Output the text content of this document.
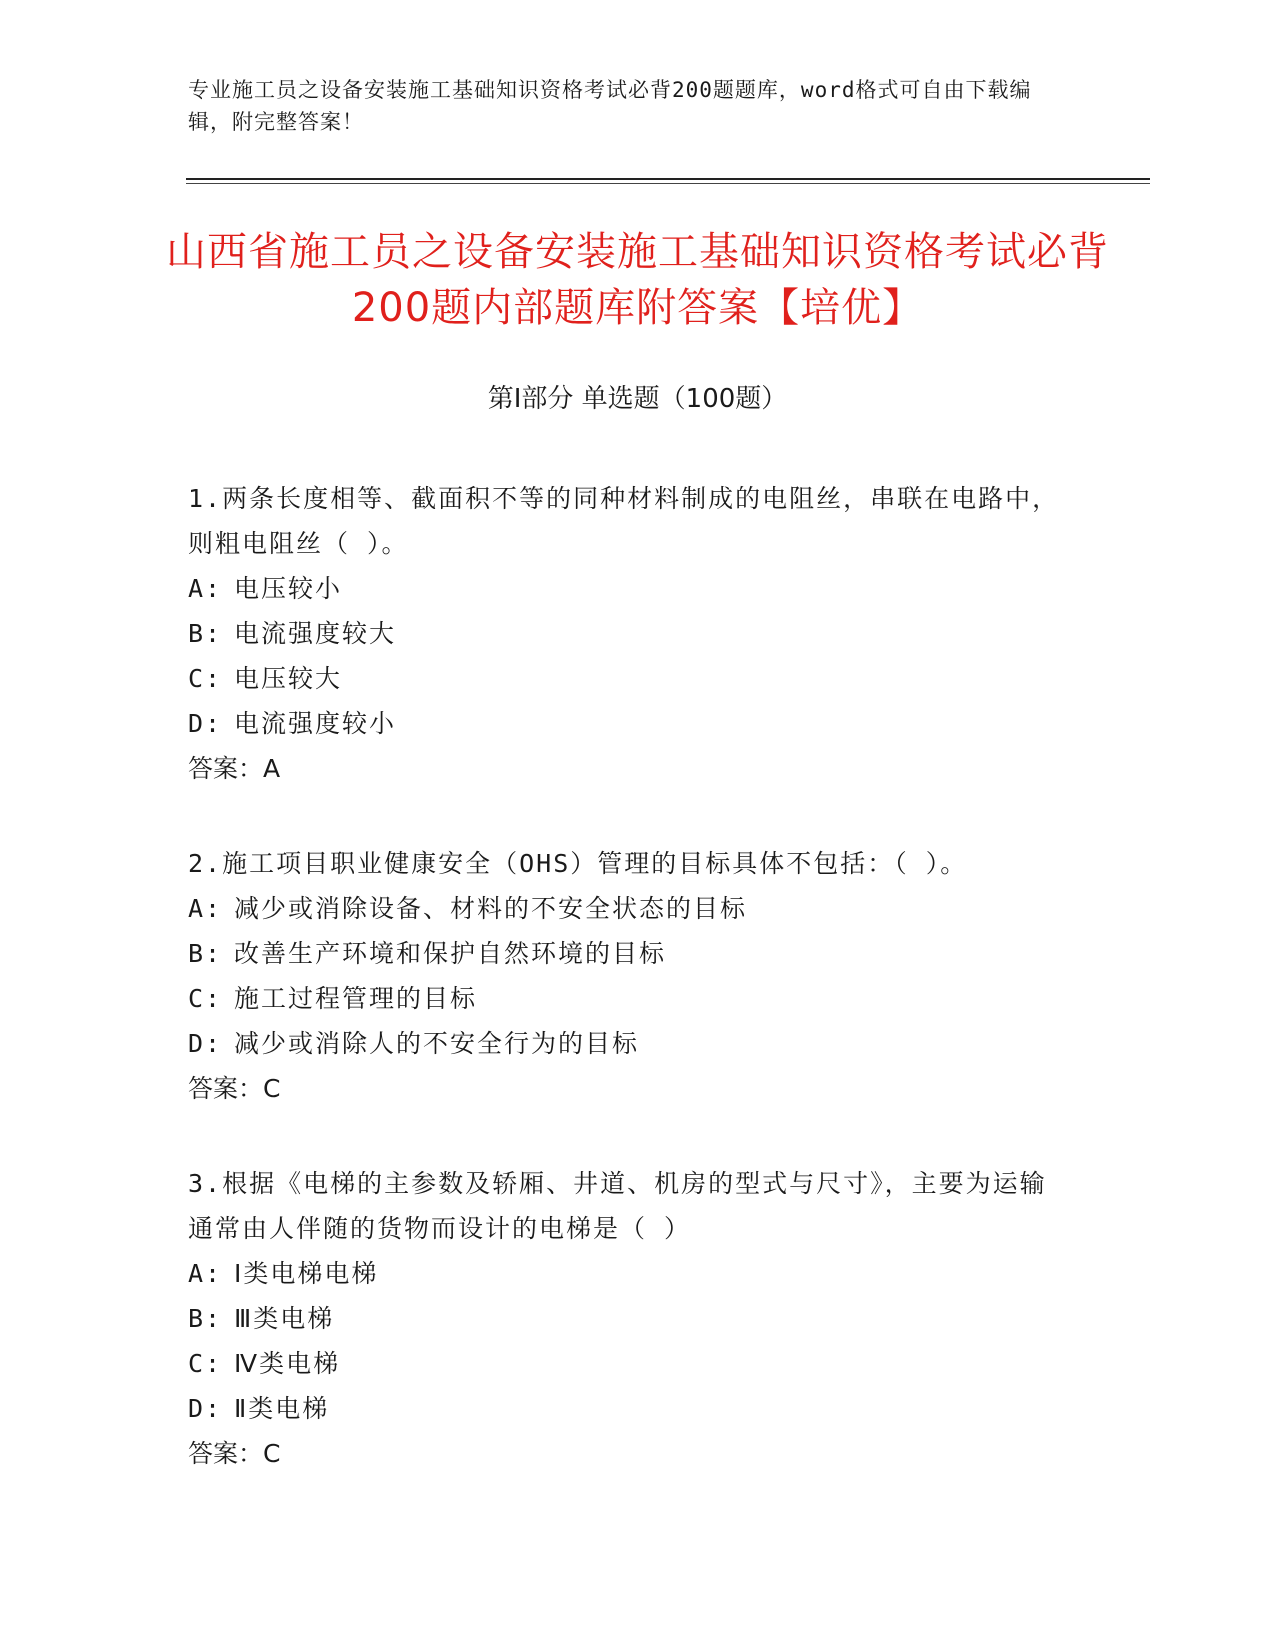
专业施工员之设备安装施工基础知识资格考试必背200题题库，word格式可自由下载编辑，附完整答案！
山西省施工员之设备安装施工基础知识资格考试必背200题内部题库附答案【培优】
第Ⅰ部分 单选题（100题）
1.两条长度相等、截面积不等的同种材料制成的电阻丝，串联在电路中，则粗电阻丝（ ）。
A: 电压较小
B: 电流强度较大
C: 电压较大
D: 电流强度较小
答案：A
2.施工项目职业健康安全（OHS）管理的目标具体不包括：（ ）。
A: 减少或消除设备、材料的不安全状态的目标
B: 改善生产环境和保护自然环境的目标
C: 施工过程管理的目标
D: 减少或消除人的不安全行为的目标
答案：C
3.根据《电梯的主参数及轿厢、井道、机房的型式与尺寸》，主要为运输通常由人伴随的货物而设计的电梯是（ ）
A: Ⅰ类电梯电梯
B: Ⅲ类电梯
C: Ⅳ类电梯
D: Ⅱ类电梯
答案：C
